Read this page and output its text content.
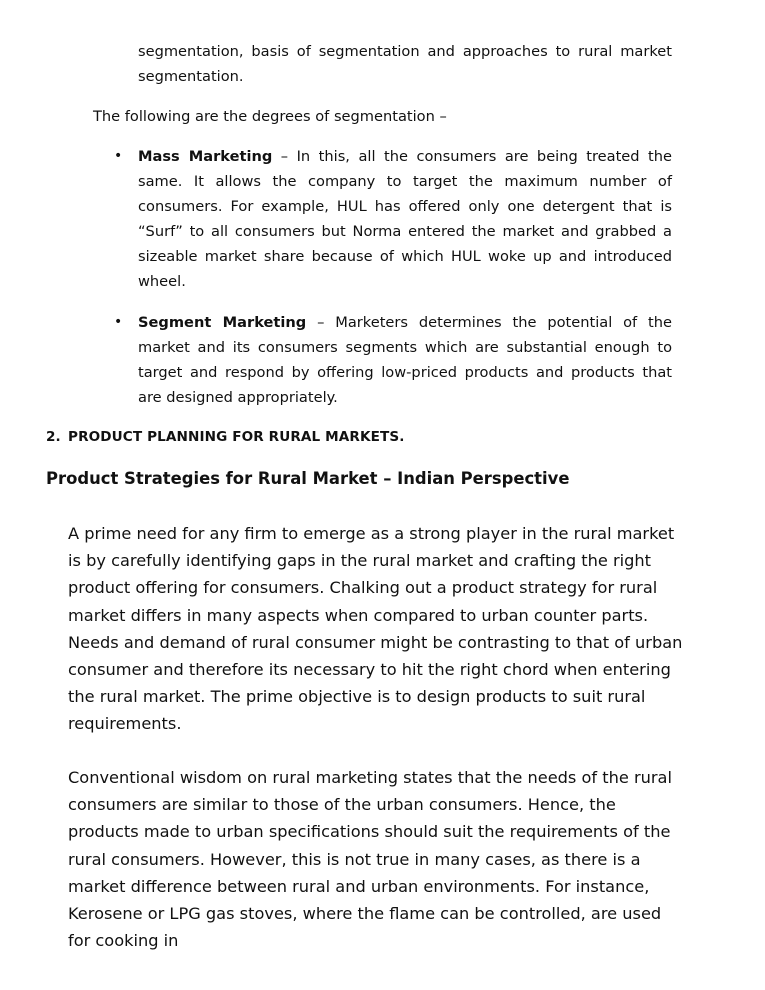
segmentation, basis of segmentation and approaches to rural market segmentation.

The following are the degrees of segmentation –

•	Mass Marketing – In this, all the consumers are being treated the same. It allows the company to target the maximum number of consumers. For example, HUL has offered only one detergent that is “Surf” to all consumers but Norma entered the market and grabbed a sizeable market share because of which HUL woke up and introduced wheel.

•	Segment Marketing – Marketers determines the potential of the market and its consumers segments which are substantial enough to target and respond by offering low-priced products and products that are designed appropriately.

2. PRODUCT PLANNING FOR RURAL MARKETS.
Product Strategies for Rural Market – Indian Perspective

A prime need for any firm to emerge as a strong player in the rural market is by carefully identifying gaps in the rural market and crafting the right product offering for consumers. Chalking out a product strategy for rural market differs in many aspects when compared to urban counter parts. Needs and demand of rural consumer might be contrasting to that of urban consumer and therefore its necessary to hit the right chord when entering the rural market. The prime objective is to design products to suit rural requirements.

Conventional wisdom on rural marketing states that the needs of the rural consumers are similar to those of the urban consumers. Hence, the products made to urban specifications should suit the requirements of the rural consumers. However, this is not true in many cases, as there is a market difference between rural and urban environments. For instance, Kerosene or LPG gas stoves, where the flame can be controlled, are used for cooking in
